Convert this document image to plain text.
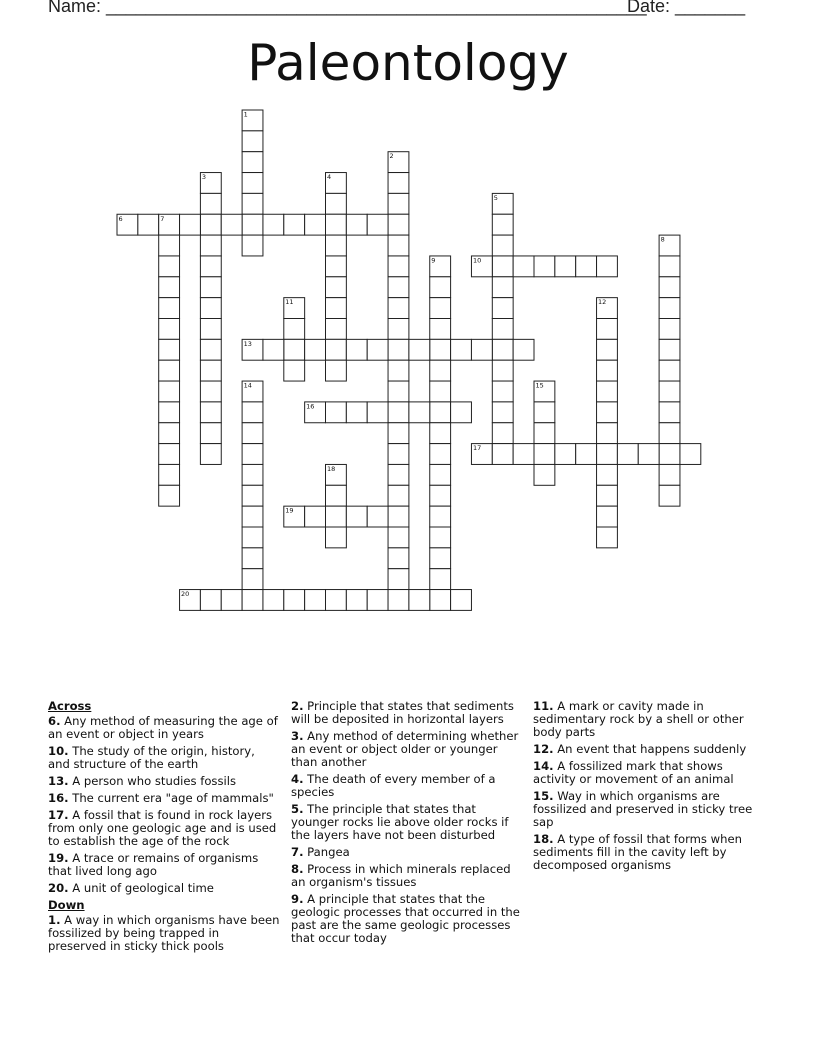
Name: ______________________________________________________
Date: _______
Paleontology
1
2
3	4
5
6	7
8
9	10
11	12
13
14	15
16
17
18
19
20
Across
6. Any method of measuring the age of an event or object in years
10. The study of the origin, history, and structure of the earth
13. A person who studies fossils
16. The current era "age of mammals"
17. A fossil that is found in rock layers from only one geologic age and is used to establish the age of the rock
19. A trace or remains of organisms that lived long ago
20. A unit of geological time
Down
1. A way in which organisms have been fossilized by being trapped in preserved in sticky thick pools
2. Principle that states that sediments will be deposited in horizontal layers
3. Any method of determining whether an event or object older or younger than another
4. The death of every member of a species
5. The principle that states that younger rocks lie above older rocks if the layers have not been disturbed
7. Pangea
8. Process in which minerals replaced an organism's tissues
9. A principle that states that the geologic processes that occurred in the past are the same geologic processes that occur today
11. A mark or cavity made in sedimentary rock by a shell or other body parts
12. An event that happens suddenly
14. A fossilized mark that shows activity or movement of an animal
15. Way in which organisms are fossilized and preserved in sticky tree sap
18. A type of fossil that forms when sediments fill in the cavity left by decomposed organisms
